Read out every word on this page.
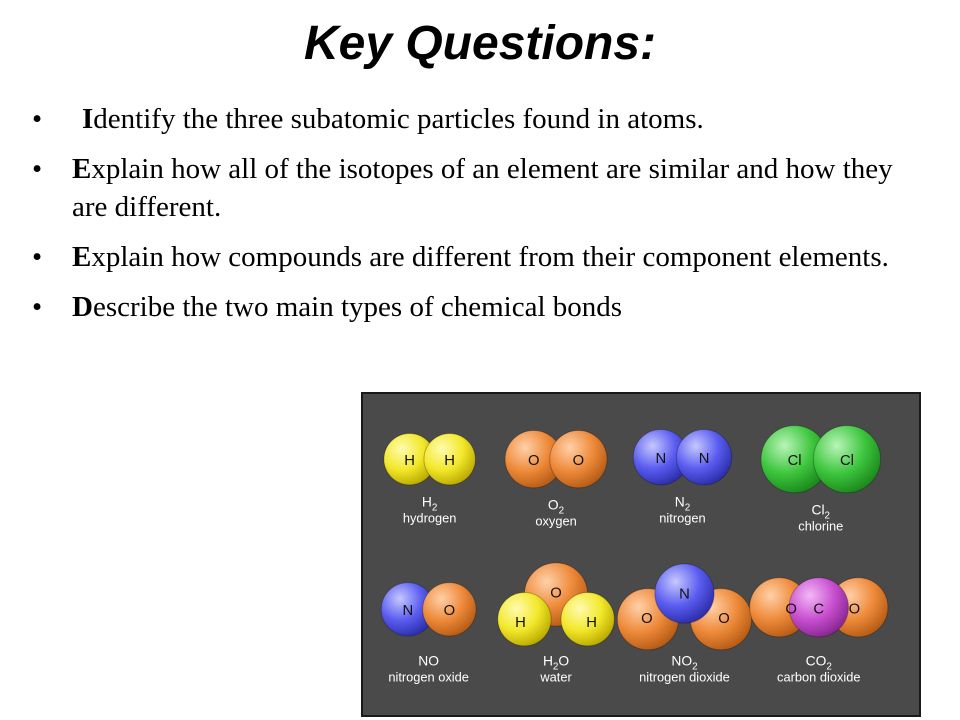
Key Questions:
• Identify the three subatomic particles found in atoms.
• Explain how all of the isotopes of an element are similar and how they are different.
• Explain how compounds are different from their component elements.
• Describe the two main types of chemical bonds
H H
$H_2$
hydrogen
O O
$O_2$
oxygen
N N
$N_2$
nitrogen
Cl	Cl
$Cl_2$
chlorine
N O
NO
nitrogen oxide
O
H	H
$H_2O$
water
N
O	O
$NO_2$
nitrogen dioxide
O C O
$CO_2$
carbon dioxide
